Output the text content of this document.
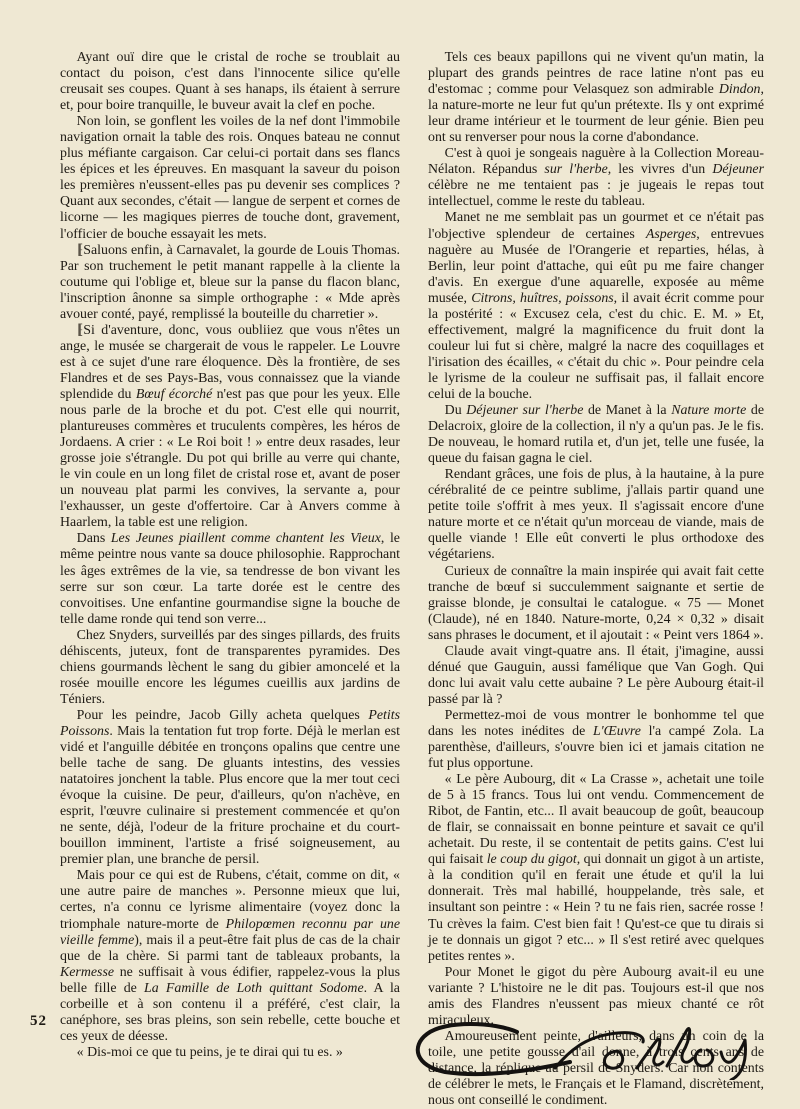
Ayant ouï dire que le cristal de roche se troublait au contact du poison, c'est dans l'innocente silice qu'elle creusait ses coupes. Quant à ses hanaps, ils étaient à serrure et, pour boire tranquille, le buveur avait la clef en poche.

Non loin, se gonflent les voiles de la nef dont l'immobile navigation ornait la table des rois. Onques bateau ne connut plus méfiante cargaison. Car celui-ci portait dans ses flancs les épices et les épreuves. En masquant la saveur du poison les premières n'eussent-elles pas pu devenir ses complices ? Quant aux secondes, c'était — langue de serpent et cornes de licorne — les magiques pierres de touche dont, gravement, l'officier de bouche essayait les mets.

⁅Saluons enfin, à Carnavalet, la gourde de Louis Thomas. Par son truchement le petit manant rappelle à la cliente la coutume qui l'oblige et, bleue sur la panse du flacon blanc, l'inscription ânonne sa simple orthographe : « Mde après avouer conté, payé, remplissé la bouteille du charretier ».

⁅Si d'aventure, donc, vous oubliiez que vous n'êtes un ange, le musée se chargerait de vous le rappeler. Le Louvre est à ce sujet d'une rare éloquence. Dès la frontière, de ses Flandres et de ses Pays-Bas, vous connaissez que la viande splendide du Bœuf écorché n'est pas que pour les yeux. Elle nous parle de la broche et du pot. C'est elle qui nourrit, plantureuses commères et truculents compères, les héros de Jordaens. A crier : « Le Roi boit ! » entre deux rasades, leur grosse joie s'étrangle. Du pot qui brille au verre qui chante, le vin coule en un long filet de cristal rose et, avant de poser un nouveau plat parmi les convives, la servante a, pour l'exhausser, un geste d'offertoire. Car à Anvers comme à Haarlem, la table est une religion.

Dans Les Jeunes piaillent comme chantent les Vieux, le même peintre nous vante sa douce philosophie. Rapprochant les âges extrêmes de la vie, sa tendresse de bon vivant les serre sur son cœur. La tarte dorée est le centre des convoitises. Une enfantine gourmandise signe la bouche de telle dame ronde qui tend son verre...

Chez Snyders, surveillés par des singes pillards, des fruits déhiscents, juteux, font de transparentes pyramides. Des chiens gourmands lèchent le sang du gibier amoncelé et la rosée mouille encore les légumes cueillis aux jardins de Téniers.

Pour les peindre, Jacob Gilly acheta quelques Petits Poissons. Mais la tentation fut trop forte. Déjà le merlan est vidé et l'anguille débitée en tronçons opalins que centre une belle tache de sang. De gluants intestins, des vessies natatoires jonchent la table. Plus encore que la mer tout ceci évoque la cuisine. De peur, d'ailleurs, qu'on n'achève, en esprit, l'œuvre culinaire si prestement commencée et qu'on ne sente, déjà, l'odeur de la friture prochaine et du court-bouillon imminent, l'artiste a frisé soigneusement, au premier plan, une branche de persil.

Mais pour ce qui est de Rubens, c'était, comme on dit, « une autre paire de manches ». Personne mieux que lui, certes, n'a connu ce lyrisme alimentaire (voyez donc la triomphale nature-morte de Philopœmen reconnu par une vieille femme), mais il a peut-être fait plus de cas de la chair que de la chère. Si parmi tant de tableaux probants, la Kermesse ne suffisait à vous édifier, rappelez-vous la plus belle fille de La Famille de Loth quittant Sodome. A la corbeille et à son contenu il a préféré, c'est clair, la canéphore, ses bras pleins, son sein rebelle, cette bouche et ces yeux de déesse.

« Dis-moi ce que tu peins, je te dirai qui tu es. »

Tels ces beaux papillons qui ne vivent qu'un matin, la plupart des grands peintres de race latine n'ont pas eu d'estomac ; comme pour Velasquez son admirable Dindon, la nature-morte ne leur fut qu'un prétexte. Ils y ont exprimé leur drame intérieur et le tourment de leur génie. Bien peu ont su renverser pour nous la corne d'abondance.

C'est à quoi je songeais naguère à la Collection Moreau-Nélaton. Répandus sur l'herbe, les vivres d'un Déjeuner célèbre ne me tentaient pas : je jugeais le repas tout intellectuel, comme le reste du tableau.

Manet ne me semblait pas un gourmet et ce n'était pas l'objective splendeur de certaines Asperges, entrevues naguère au Musée de l'Orangerie et reparties, hélas, à Berlin, leur point d'attache, qui eût pu me faire changer d'avis. En exergue d'une aquarelle, exposée au même musée, Citrons, huîtres, poissons, il avait écrit comme pour la postérité : « Excusez cela, c'est du chic. E. M. » Et, effectivement, malgré la magnificence du fruit dont la couleur lui fut si chère, malgré la nacre des coquillages et l'irisation des écailles, « c'était du chic ». Pour peindre cela le lyrisme de la couleur ne suffisait pas, il fallait encore celui de la bouche.

Du Déjeuner sur l'herbe de Manet à la Nature morte de Delacroix, gloire de la collection, il n'y a qu'un pas. Je le fis. De nouveau, le homard rutila et, d'un jet, telle une fusée, la queue du faisan gagna le ciel.

Rendant grâces, une fois de plus, à la hautaine, à la pure cérébralité de ce peintre sublime, j'allais partir quand une petite toile s'offrit à mes yeux. Il s'agissait encore d'une nature morte et ce n'était qu'un morceau de viande, mais de quelle viande ! Elle eût converti le plus orthodoxe des végétariens.

Curieux de connaître la main inspirée qui avait fait cette tranche de bœuf si succulemment saignante et sertie de graisse blonde, je consultai le catalogue. « 75 — Monet (Claude), né en 1840. Nature-morte, 0,24 × 0,32 » disait sans phrases le document, et il ajoutait : « Peint vers 1864 ».

Claude avait vingt-quatre ans. Il était, j'imagine, aussi dénué que Gauguin, aussi famélique que Van Gogh. Qui donc lui avait valu cette aubaine ? Le père Aubourg était-il passé par là ?

Permettez-moi de vous montrer le bonhomme tel que dans les notes inédites de L'Œuvre l'a campé Zola. La parenthèse, d'ailleurs, s'ouvre bien ici et jamais citation ne fut plus opportune.

« Le père Aubourg, dit « La Crasse », achetait une toile de 5 à 15 francs. Tous lui ont vendu. Commencement de Ribot, de Fantin, etc... Il avait beaucoup de goût, beaucoup de flair, se connaissait en bonne peinture et savait ce qu'il achetait. Du reste, il se contentait de petits gains. C'est lui qui faisait le coup du gigot, qui donnait un gigot à un artiste, à la condition qu'il en ferait une étude et qu'il la lui donnerait. Très mal habillé, houppelande, très sale, et insultant son peintre : « Hein ? tu ne fais rien, sacrée rosse ! Tu crèves la faim. C'est bien fait ! Qu'est-ce que tu dirais si je te donnais un gigot ? etc... » Il s'est retiré avec quelques petites rentes ».

Pour Monet le gigot du père Aubourg avait-il eu une variante ? L'histoire ne le dit pas. Toujours est-il que nos amis des Flandres n'eussent pas mieux chanté ce rôt miraculeux.

Amoureusement peinte, d'ailleurs, dans un coin de la toile, une petite gousse d'ail donne, à trois cents ans de distance, la réplique au persil de Snyders. Car non contents de célébrer le mets, le Français et le Flamand, discrètement, nous ont conseillé le condiment.

52
